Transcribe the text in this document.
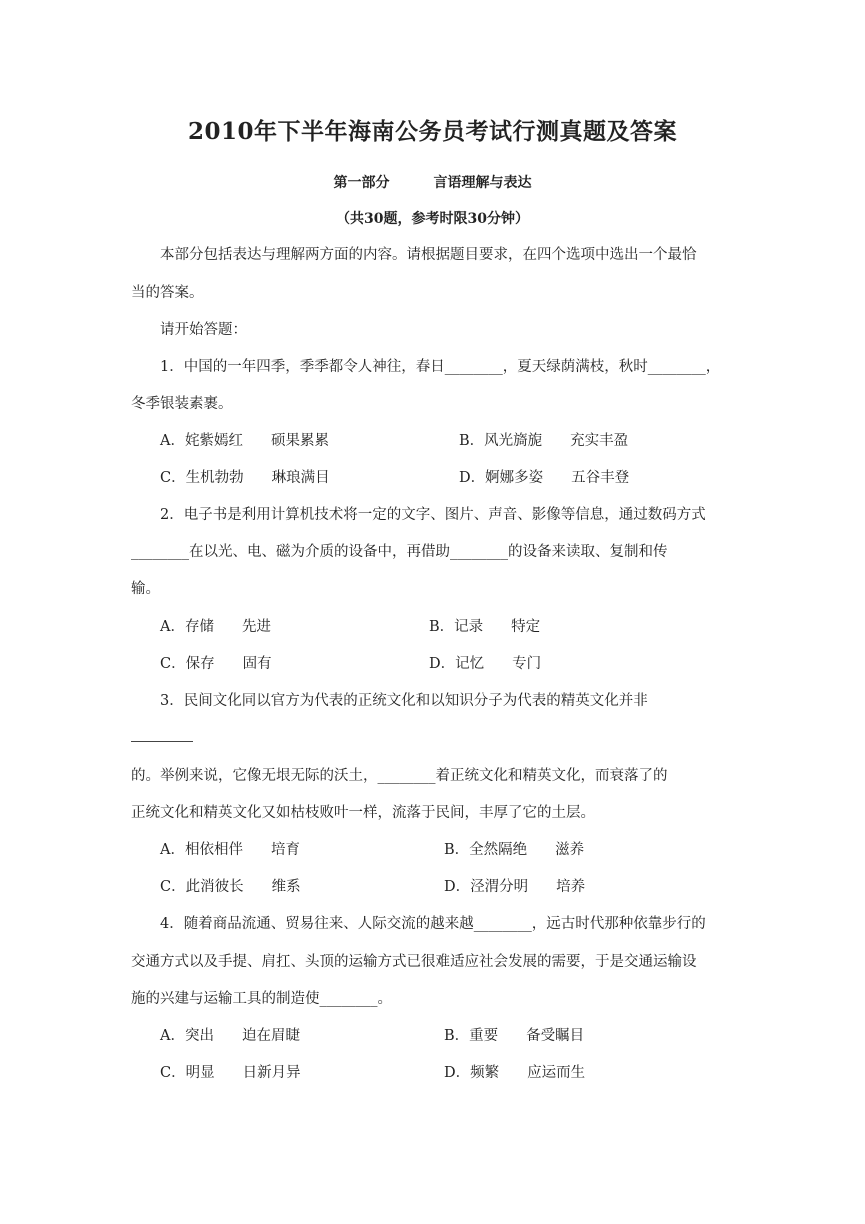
2010年下半年海南公务员考试行测真题及答案
第一部分	言语理解与表达
（共30题，参考时限30分钟）
本部分包括表达与理解两方面的内容。请根据题目要求，在四个选项中选出一个最恰
当的答案。
请开始答题：
1．中国的一年四季，季季都令人神往，春日________，夏天绿荫满枝，秋时________，
冬季银装素裹。
A．姹紫嫣红 硕果累累	B．风光旖旎 充实丰盈
C．生机勃勃 琳琅满目	D．婀娜多姿 五谷丰登
2．电子书是利用计算机技术将一定的文字、图片、声音、影像等信息，通过数码方式
________在以光、电、磁为介质的设备中，再借助________的设备来读取、复制和传
输。
A．存储 先进	B．记录 特定
C．保存 固有	D．记忆 专门
3．民间文化同以官方为代表的正统文化和以知识分子为代表的精英文化并非
的。举例来说，它像无垠无际的沃土，________着正统文化和精英文化，而衰落了的
正统文化和精英文化又如枯枝败叶一样，流落于民间，丰厚了它的土层。
A．相依相伴 培育	B．全然隔绝 滋养
C．此消彼长 维系	D．泾渭分明 培养
4．随着商品流通、贸易往来、人际交流的越来越________，远古时代那种依靠步行的
交通方式以及手提、肩扛、头顶的运输方式已很难适应社会发展的需要，于是交通运输设
施的兴建与运输工具的制造使________。
A．突出 迫在眉睫	B．重要 备受瞩目
C．明显 日新月异	D．频繁 应运而生
